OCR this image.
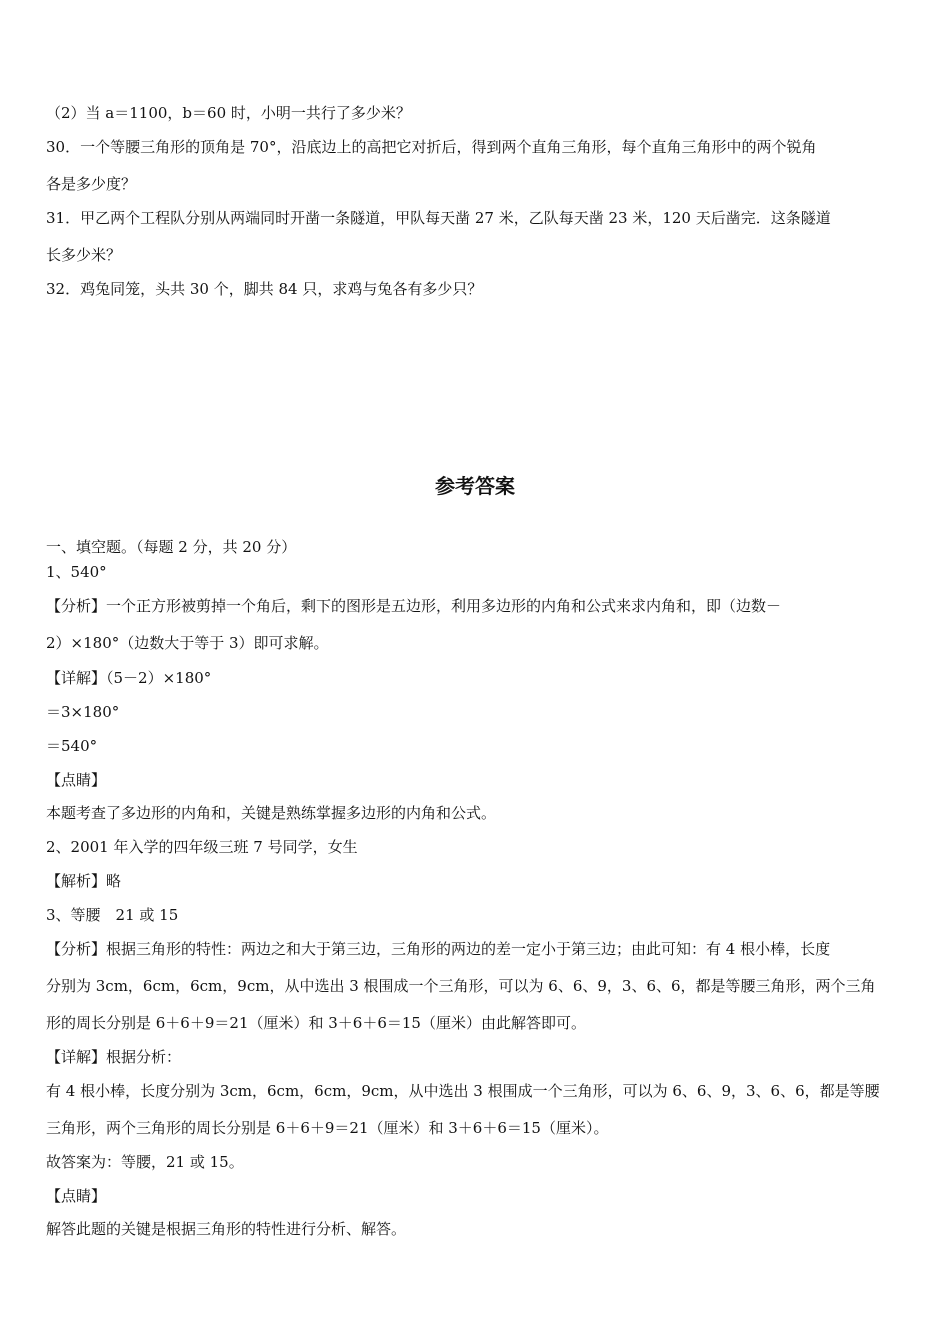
（2）当 a＝1100，b＝60 时，小明一共行了多少米？
30．一个等腰三角形的顶角是 70°，沿底边上的高把它对折后，得到两个直角三角形，每个直角三角形中的两个锐角
各是多少度？
31．甲乙两个工程队分别从两端同时开凿一条隧道，甲队每天凿 27 米，乙队每天凿 23 米，120 天后凿完．这条隧道
长多少米？
32．鸡兔同笼，头共 30 个，脚共 84 只，求鸡与兔各有多少只？
参考答案
一、填空题。（每题 2 分，共 20 分）
1、540°
【分析】一个正方形被剪掉一个角后，剩下的图形是五边形，利用多边形的内角和公式来求内角和，即（边数－
2）×180°（边数大于等于 3）即可求解。
【详解】（5－2）×180°
＝3×180°
＝540°
【点睛】
本题考查了多边形的内角和，关键是熟练掌握多边形的内角和公式。
2、2001 年入学的四年级三班 7 号同学，女生
【解析】略
3、等腰　21 或 15
【分析】根据三角形的特性：两边之和大于第三边，三角形的两边的差一定小于第三边；由此可知：有 4 根小棒，长度
分别为 3cm，6cm，6cm，9cm，从中选出 3 根围成一个三角形，可以为 6、6、9，3、6、6，都是等腰三角形，两个三角
形的周长分别是 6＋6＋9＝21（厘米）和 3＋6＋6＝15（厘米）由此解答即可。
【详解】根据分析：
有 4 根小棒，长度分别为 3cm，6cm，6cm，9cm，从中选出 3 根围成一个三角形，可以为 6、6、9，3、6、6，都是等腰
三角形，两个三角形的周长分别是 6＋6＋9＝21（厘米）和 3＋6＋6＝15（厘米）。
故答案为：等腰，21 或 15。
【点睛】
解答此题的关键是根据三角形的特性进行分析、解答。
